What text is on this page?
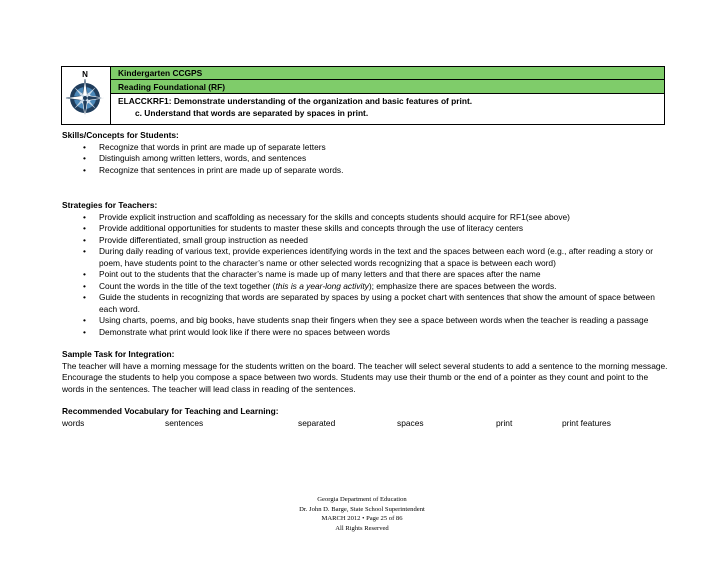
N	Kindergarten CCGPS
Reading Foundational (RF)
ELACCKRF1: Demonstrate understanding of the organization and basic features of print.
c. Understand that words are separated by spaces in print.
Skills/Concepts for Students:
• Recognize that words in print are made up of separate letters
• Distinguish among written letters, words, and sentences
• Recognize that sentences in print are made up of separate words.
Strategies for Teachers:
• Provide explicit instruction and scaffolding as necessary for the skills and concepts students should acquire for RF1(see above)
• Provide additional opportunities for students to master these skills and concepts through the use of literacy centers
• Provide differentiated, small group instruction as needed
• During daily reading of various text, provide experiences identifying words in the text and the spaces between each word (e.g., after reading a story or poem, have students point to the character’s name or other selected words recognizing that a space is between each word)
• Point out to the students that the character’s name is made up of many letters and that there are spaces after the name
• Count the words in the title of the text together (this is a year-long activity); emphasize there are spaces between the words.
• Guide the students in recognizing that words are separated by spaces by using a pocket chart with sentences that show the amount of space between each word.
• Using charts, poems, and big books, have students snap their fingers when they see a space between words when the teacher is reading a passage
• Demonstrate what print would look like if there were no spaces between words
Sample Task for Integration:
The teacher will have a morning message for the students written on the board. The teacher will select several students to add a sentence to the morning message. Encourage the students to help you compose a space between two words. Students may use their thumb or the end of a pointer as they count and point to the words in the sentences. The teacher will lead class in reading of the sentences.
Recommended Vocabulary for Teaching and Learning:
words	sentences	separated	spaces	print	print features
Georgia Department of Education
Dr. John D. Barge, State School Superintendent
MARCH 2012 • Page 25 of 86
All Rights Reserved
